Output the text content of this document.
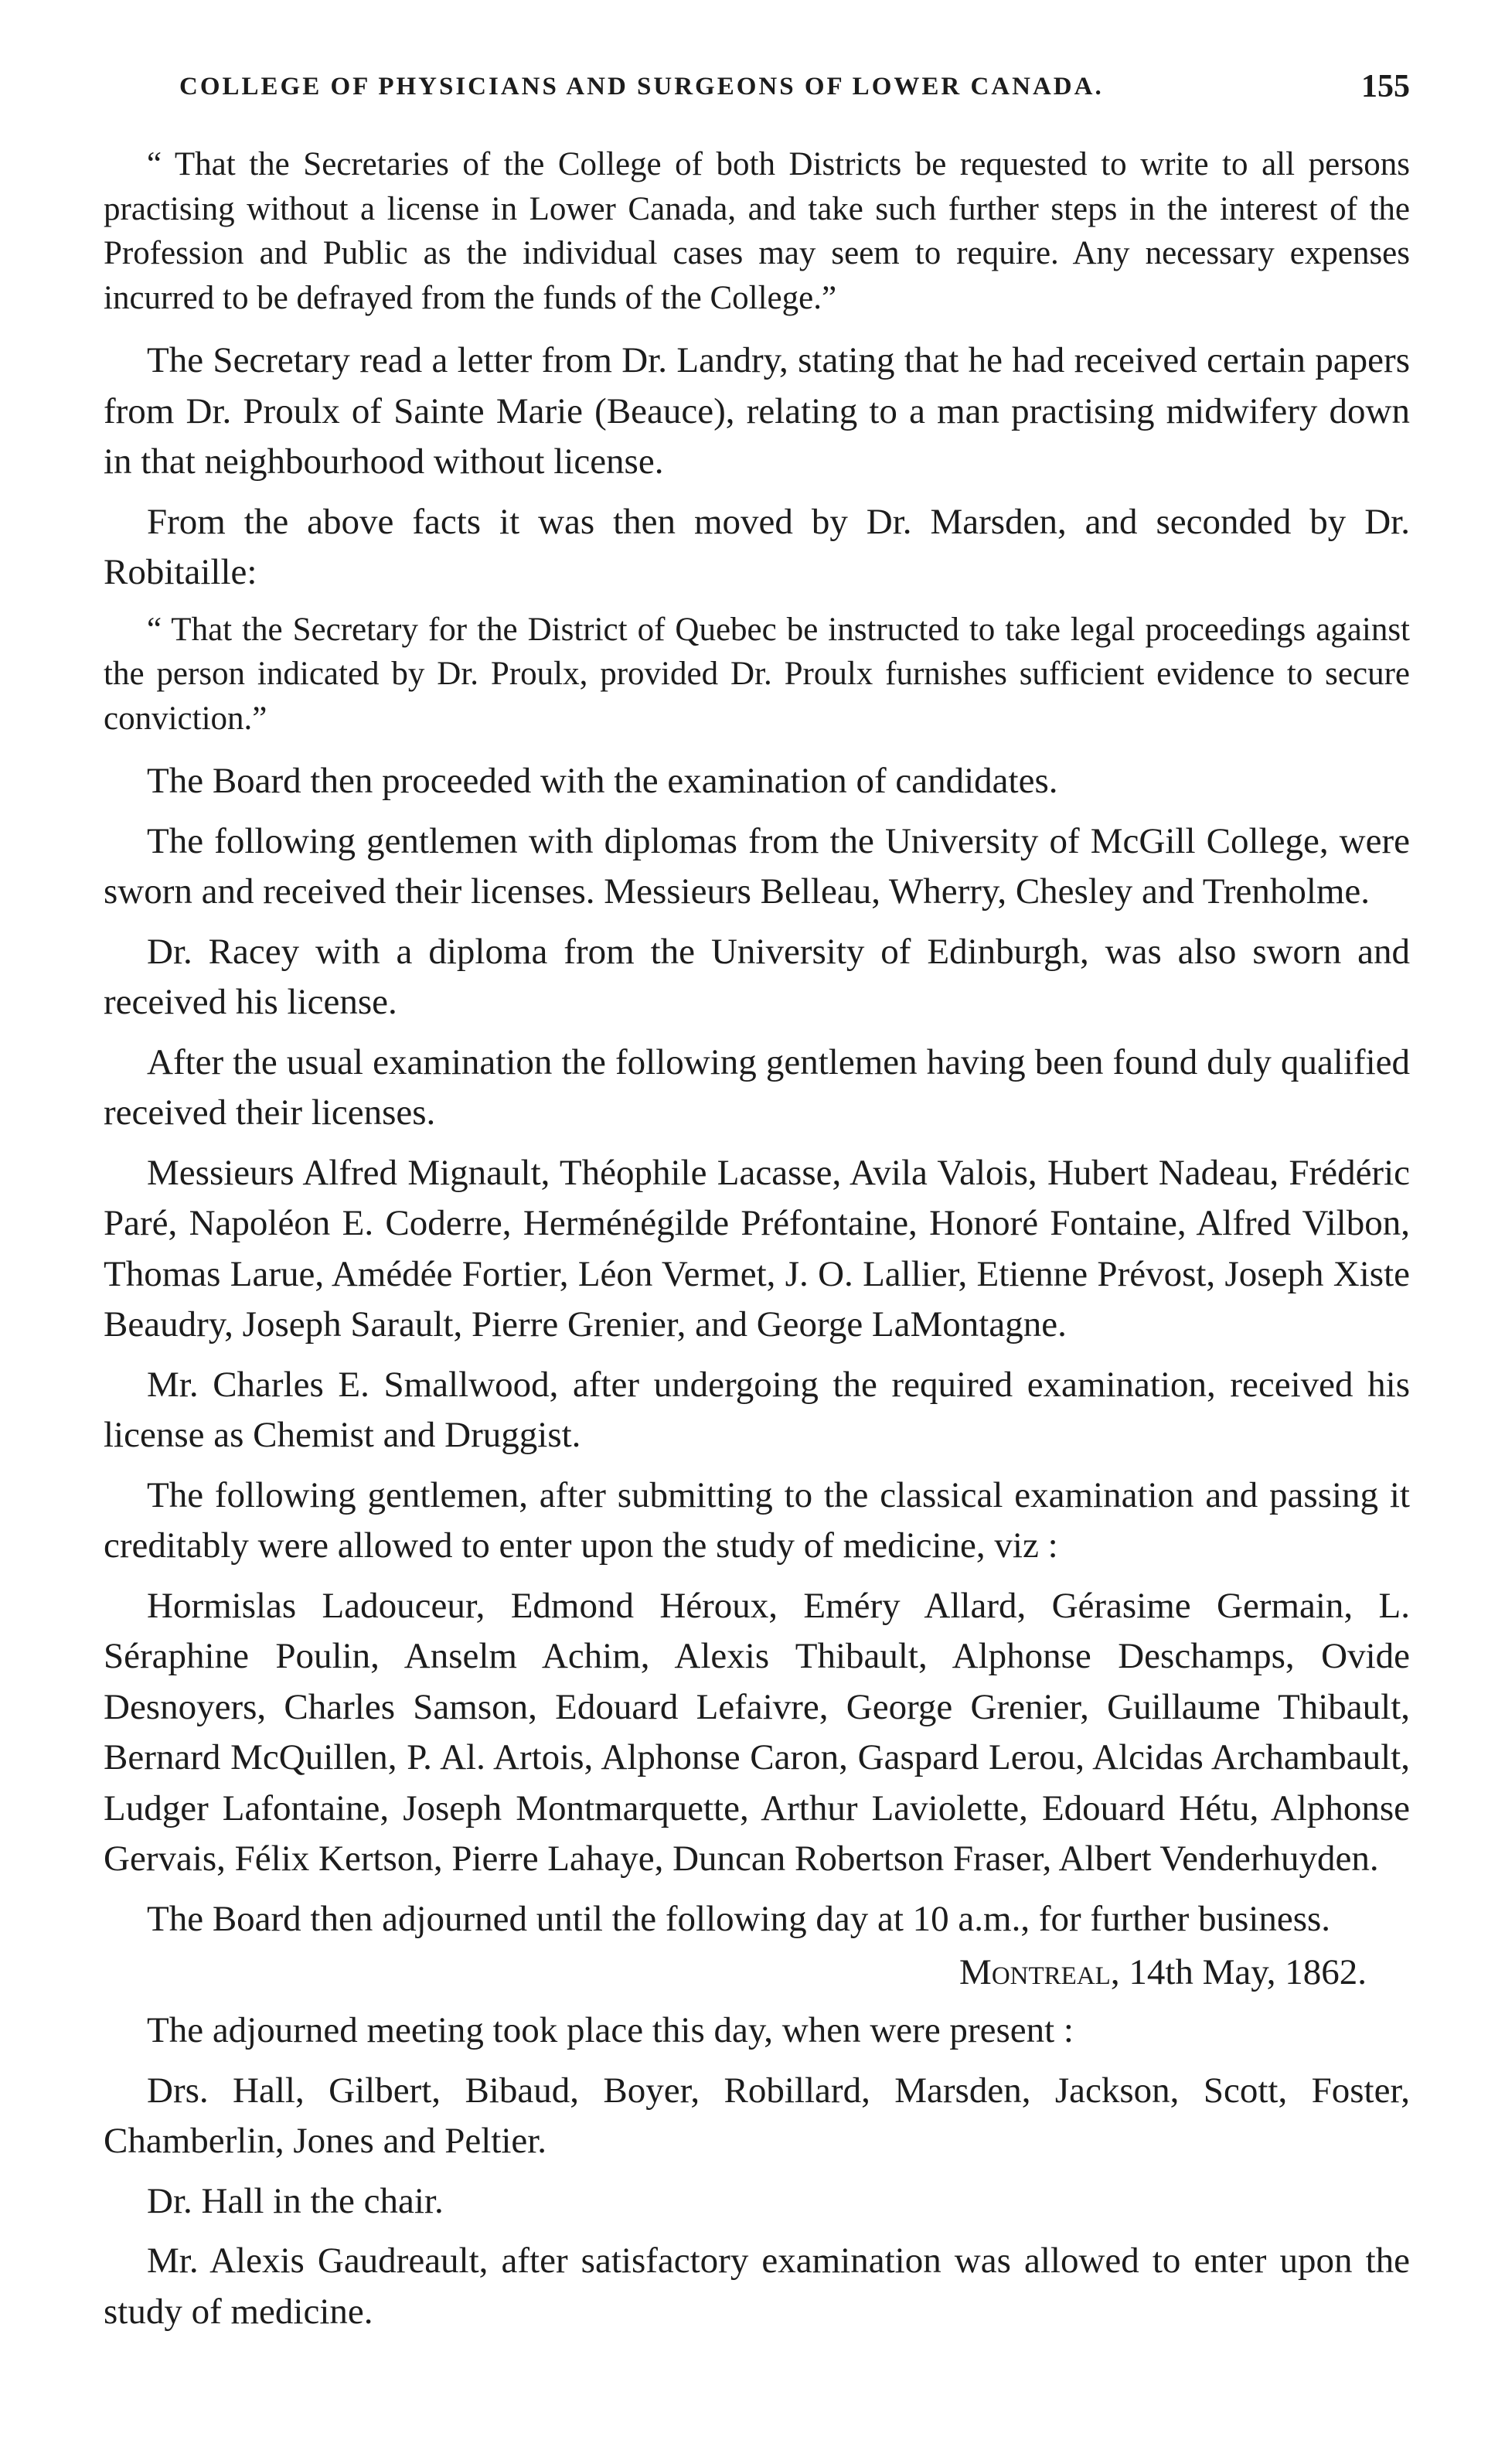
COLLEGE OF PHYSICIANS AND SURGEONS OF LOWER CANADA.	155

“ That the Secretaries of the College of both Districts be requested to write to all persons practising without a license in Lower Canada, and take such further steps in the interest of the Profession and Public as the individual cases may seem to require. Any necessary expenses incurred to be defrayed from the funds of the College.”

The Secretary read a letter from Dr. Landry, stating that he had received certain papers from Dr. Proulx of Sainte Marie (Beauce), relating to a man practising midwifery down in that neighbourhood without license.

From the above facts it was then moved by Dr. Marsden, and seconded by Dr. Robitaille:

“ That the Secretary for the District of Quebec be instructed to take legal proceedings against the person indicated by Dr. Proulx, provided Dr. Proulx furnishes sufficient evidence to secure conviction.”

The Board then proceeded with the examination of candidates.

The following gentlemen with diplomas from the University of McGill College, were sworn and received their licenses. Messieurs Belleau, Wherry, Chesley and Trenholme.

Dr. Racey with a diploma from the University of Edinburgh, was also sworn and received his license.

After the usual examination the following gentlemen having been found duly qualified received their licenses.

Messieurs Alfred Mignault, Théophile Lacasse, Avila Valois, Hubert Nadeau, Frédéric Paré, Napoléon E. Coderre, Herménégilde Préfontaine, Honoré Fontaine, Alfred Vilbon, Thomas Larue, Amédée Fortier, Léon Vermet, J. O. Lallier, Etienne Prévost, Joseph Xiste Beaudry, Joseph Sarault, Pierre Grenier, and George LaMontagne.

Mr. Charles E. Smallwood, after undergoing the required examination, received his license as Chemist and Druggist.

The following gentlemen, after submitting to the classical examination and passing it creditably were allowed to enter upon the study of medicine, viz :

Hormislas Ladouceur, Edmond Héroux, Eméry Allard, Gérasime Germain, L. Séraphine Poulin, Anselm Achim, Alexis Thibault, Alphonse Deschamps, Ovide Desnoyers, Charles Samson, Edouard Lefaivre, George Grenier, Guillaume Thibault, Bernard McQuillen, P. Al. Artois, Alphonse Caron, Gaspard Lerou, Alcidas Archambault, Ludger Lafontaine, Joseph Montmarquette, Arthur Laviolette, Edouard Hétu, Alphonse Gervais, Félix Kertson, Pierre Lahaye, Duncan Robertson Fraser, Albert Venderhuyden.

The Board then adjourned until the following day at 10 a.m., for further business.

Montreal, 14th May, 1862.

The adjourned meeting took place this day, when were present :

Drs. Hall, Gilbert, Bibaud, Boyer, Robillard, Marsden, Jackson, Scott, Foster, Chamberlin, Jones and Peltier.

Dr. Hall in the chair.

Mr. Alexis Gaudreault, after satisfactory examination was allowed to enter upon the study of medicine.
